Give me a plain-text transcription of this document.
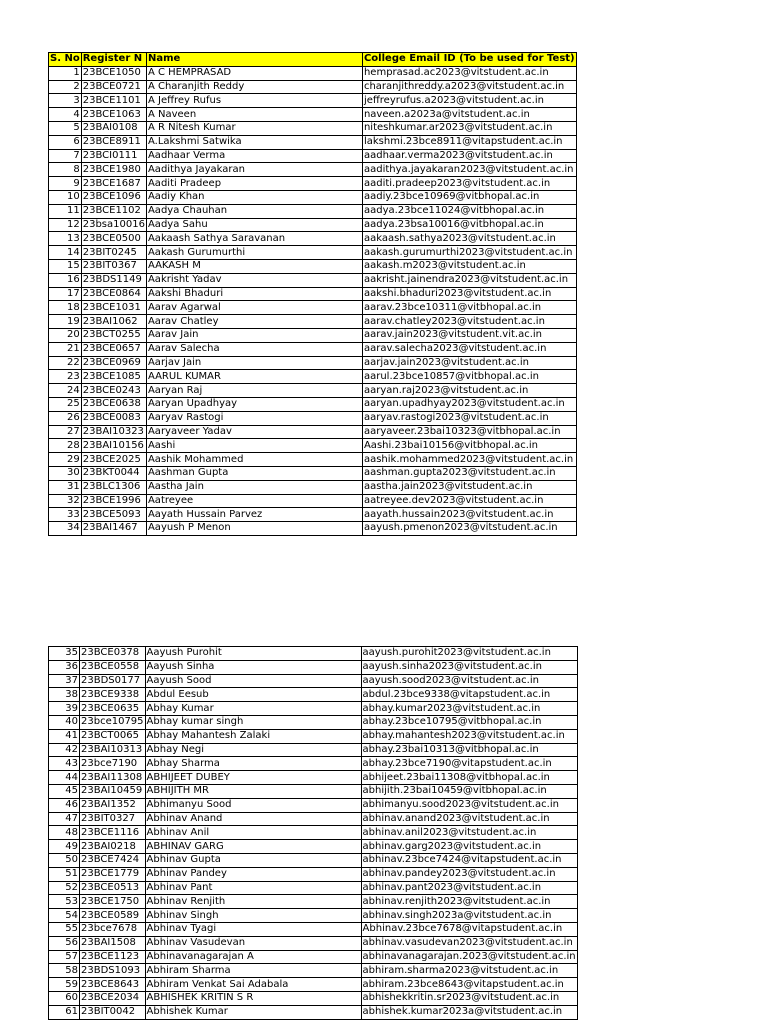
S. No	Register N	Name	College Email ID (To be used for Test)
1	23BCE1050	A C HEMPRASAD	hemprasad.ac2023@vitstudent.ac.in
2	23BCE0721	A Charanjith Reddy	charanjithreddy.a2023@vitstudent.ac.in
3	23BCE1101	A Jeffrey Rufus	jeffreyrufus.a2023@vitstudent.ac.in
4	23BCE1063	A Naveen	naveen.a2023a@vitstudent.ac.in
5	23BAI0108	A R Nitesh Kumar	niteshkumar.ar2023@vitstudent.ac.in
6	23BCE8911	A.Lakshmi Satwika	lakshmi.23bce8911@vitapstudent.ac.in
7	23BCI0111	Aadhaar Verma	aadhaar.verma2023@vitstudent.ac.in
8	23BCE1980	Aadithya Jayakaran	aadithya.jayakaran2023@vitstudent.ac.in
9	23BCE1687	Aaditi Pradeep	aaditi.pradeep2023@vitstudent.ac.in
10	23BCE1096	Aadiy Khan	aadiy.23bce10969@vitbhopal.ac.in
11	23BCE1102	Aadya Chauhan	aadya.23bce11024@vitbhopal.ac.in
12	23bsa10016	Aadya Sahu	aadya.23bsa10016@vitbhopal.ac.in
13	23BCE0500	Aakaash Sathya Saravanan	aakaash.sathya2023@vitstudent.ac.in
14	23BIT0245	Aakash Gurumurthi	aakash.gurumurthi2023@vitstudent.ac.in
15	23BIT0367	AAKASH M	aakash.m2023@vitstudent.ac.in
16	23BDS1149	Aakrisht Yadav	aakrisht.jainendra2023@vitstudent.ac.in
17	23BCE0864	Aakshi Bhaduri	aakshi.bhaduri2023@vitstudent.ac.in
18	23BCE1031	Aarav Agarwal	aarav.23bce10311@vitbhopal.ac.in
19	23BAI1062	Aarav Chatley	aarav.chatley2023@vitstudent.ac.in
20	23BCT0255	Aarav Jain	aarav.jain2023@vitstudent.vit.ac.in
21	23BCE0657	Aarav Salecha	aarav.salecha2023@vitstudent.ac.in
22	23BCE0969	Aarjav Jain	aarjav.jain2023@vitstudent.ac.in
23	23BCE1085	AARUL KUMAR	aarul.23bce10857@vitbhopal.ac.in
24	23BCE0243	Aaryan Raj	aaryan.raj2023@vitstudent.ac.in
25	23BCE0638	Aaryan Upadhyay	aaryan.upadhyay2023@vitstudent.ac.in
26	23BCE0083	Aaryav Rastogi	aaryav.rastogi2023@vitstudent.ac.in
27	23BAI10323	Aaryaveer Yadav	aaryaveer.23bai10323@vitbhopal.ac.in
28	23BAI10156	Aashi	Aashi.23bai10156@vitbhopal.ac.in
29	23BCE2025	Aashik Mohammed	aashik.mohammed2023@vitstudent.ac.in
30	23BKT0044	Aashman Gupta	aashman.gupta2023@vitstudent.ac.in
31	23BLC1306	Aastha Jain	aastha.jain2023@vitstudent.ac.in
32	23BCE1996	Aatreyee	aatreyee.dev2023@vitstudent.ac.in
33	23BCE5093	Aayath Hussain Parvez	aayath.hussain2023@vitstudent.ac.in
34	23BAI1467	Aayush P Menon	aayush.pmenon2023@vitstudent.ac.in
35	23BCE0378	Aayush Purohit	aayush.purohit2023@vitstudent.ac.in
36	23BCE0558	Aayush Sinha	aayush.sinha2023@vitstudent.ac.in
37	23BDS0177	Aayush Sood	aayush.sood2023@vitstudent.ac.in
38	23BCE9338	Abdul Eesub	abdul.23bce9338@vitapstudent.ac.in
39	23BCE0635	Abhay Kumar	abhay.kumar2023@vitstudent.ac.in
40	23bce10795	Abhay kumar singh	abhay.23bce10795@vitbhopal.ac.in
41	23BCT0065	Abhay Mahantesh Zalaki	abhay.mahantesh2023@vitstudent.ac.in
42	23BAI10313	Abhay Negi	abhay.23bai10313@vitbhopal.ac.in
43	23bce7190	Abhay Sharma	abhay.23bce7190@vitapstudent.ac.in
44	23BAI11308	ABHIJEET DUBEY	abhijeet.23bai11308@vitbhopal.ac.in
45	23BAI10459	ABHIJITH MR	abhijith.23bai10459@vitbhopal.ac.in
46	23BAI1352	Abhimanyu Sood	abhimanyu.sood2023@vitstudent.ac.in
47	23BIT0327	Abhinav Anand	abhinav.anand2023@vitstudent.ac.in
48	23BCE1116	Abhinav Anil	abhinav.anil2023@vitstudent.ac.in
49	23BAI0218	ABHINAV GARG	abhinav.garg2023@vitstudent.ac.in
50	23BCE7424	Abhinav Gupta	abhinav.23bce7424@vitapstudent.ac.in
51	23BCE1779	Abhinav Pandey	abhinav.pandey2023@vitstudent.ac.in
52	23BCE0513	Abhinav Pant	abhinav.pant2023@vitstudent.ac.in
53	23BCE1750	Abhinav Renjith	abhinav.renjith2023@vitstudent.ac.in
54	23BCE0589	Abhinav Singh	abhinav.singh2023a@vitstudent.ac.in
55	23bce7678	Abhinav Tyagi	Abhinav.23bce7678@vitapstudent.ac.in
56	23BAI1508	Abhinav Vasudevan	abhinav.vasudevan2023@vitstudent.ac.in
57	23BCE1123	Abhinavanagarajan A	abhinavanagarajan.2023@vitstudent.ac.in
58	23BDS1093	Abhiram Sharma	abhiram.sharma2023@vitstudent.ac.in
59	23BCE8643	Abhiram Venkat Sai Adabala	abhiram.23bce8643@vitapstudent.ac.in
60	23BCE2034	ABHISHEK KRITIN S R	abhishekkritin.sr2023@vitstudent.ac.in
61	23BIT0042	Abhishek Kumar	abhishek.kumar2023a@vitstudent.ac.in
